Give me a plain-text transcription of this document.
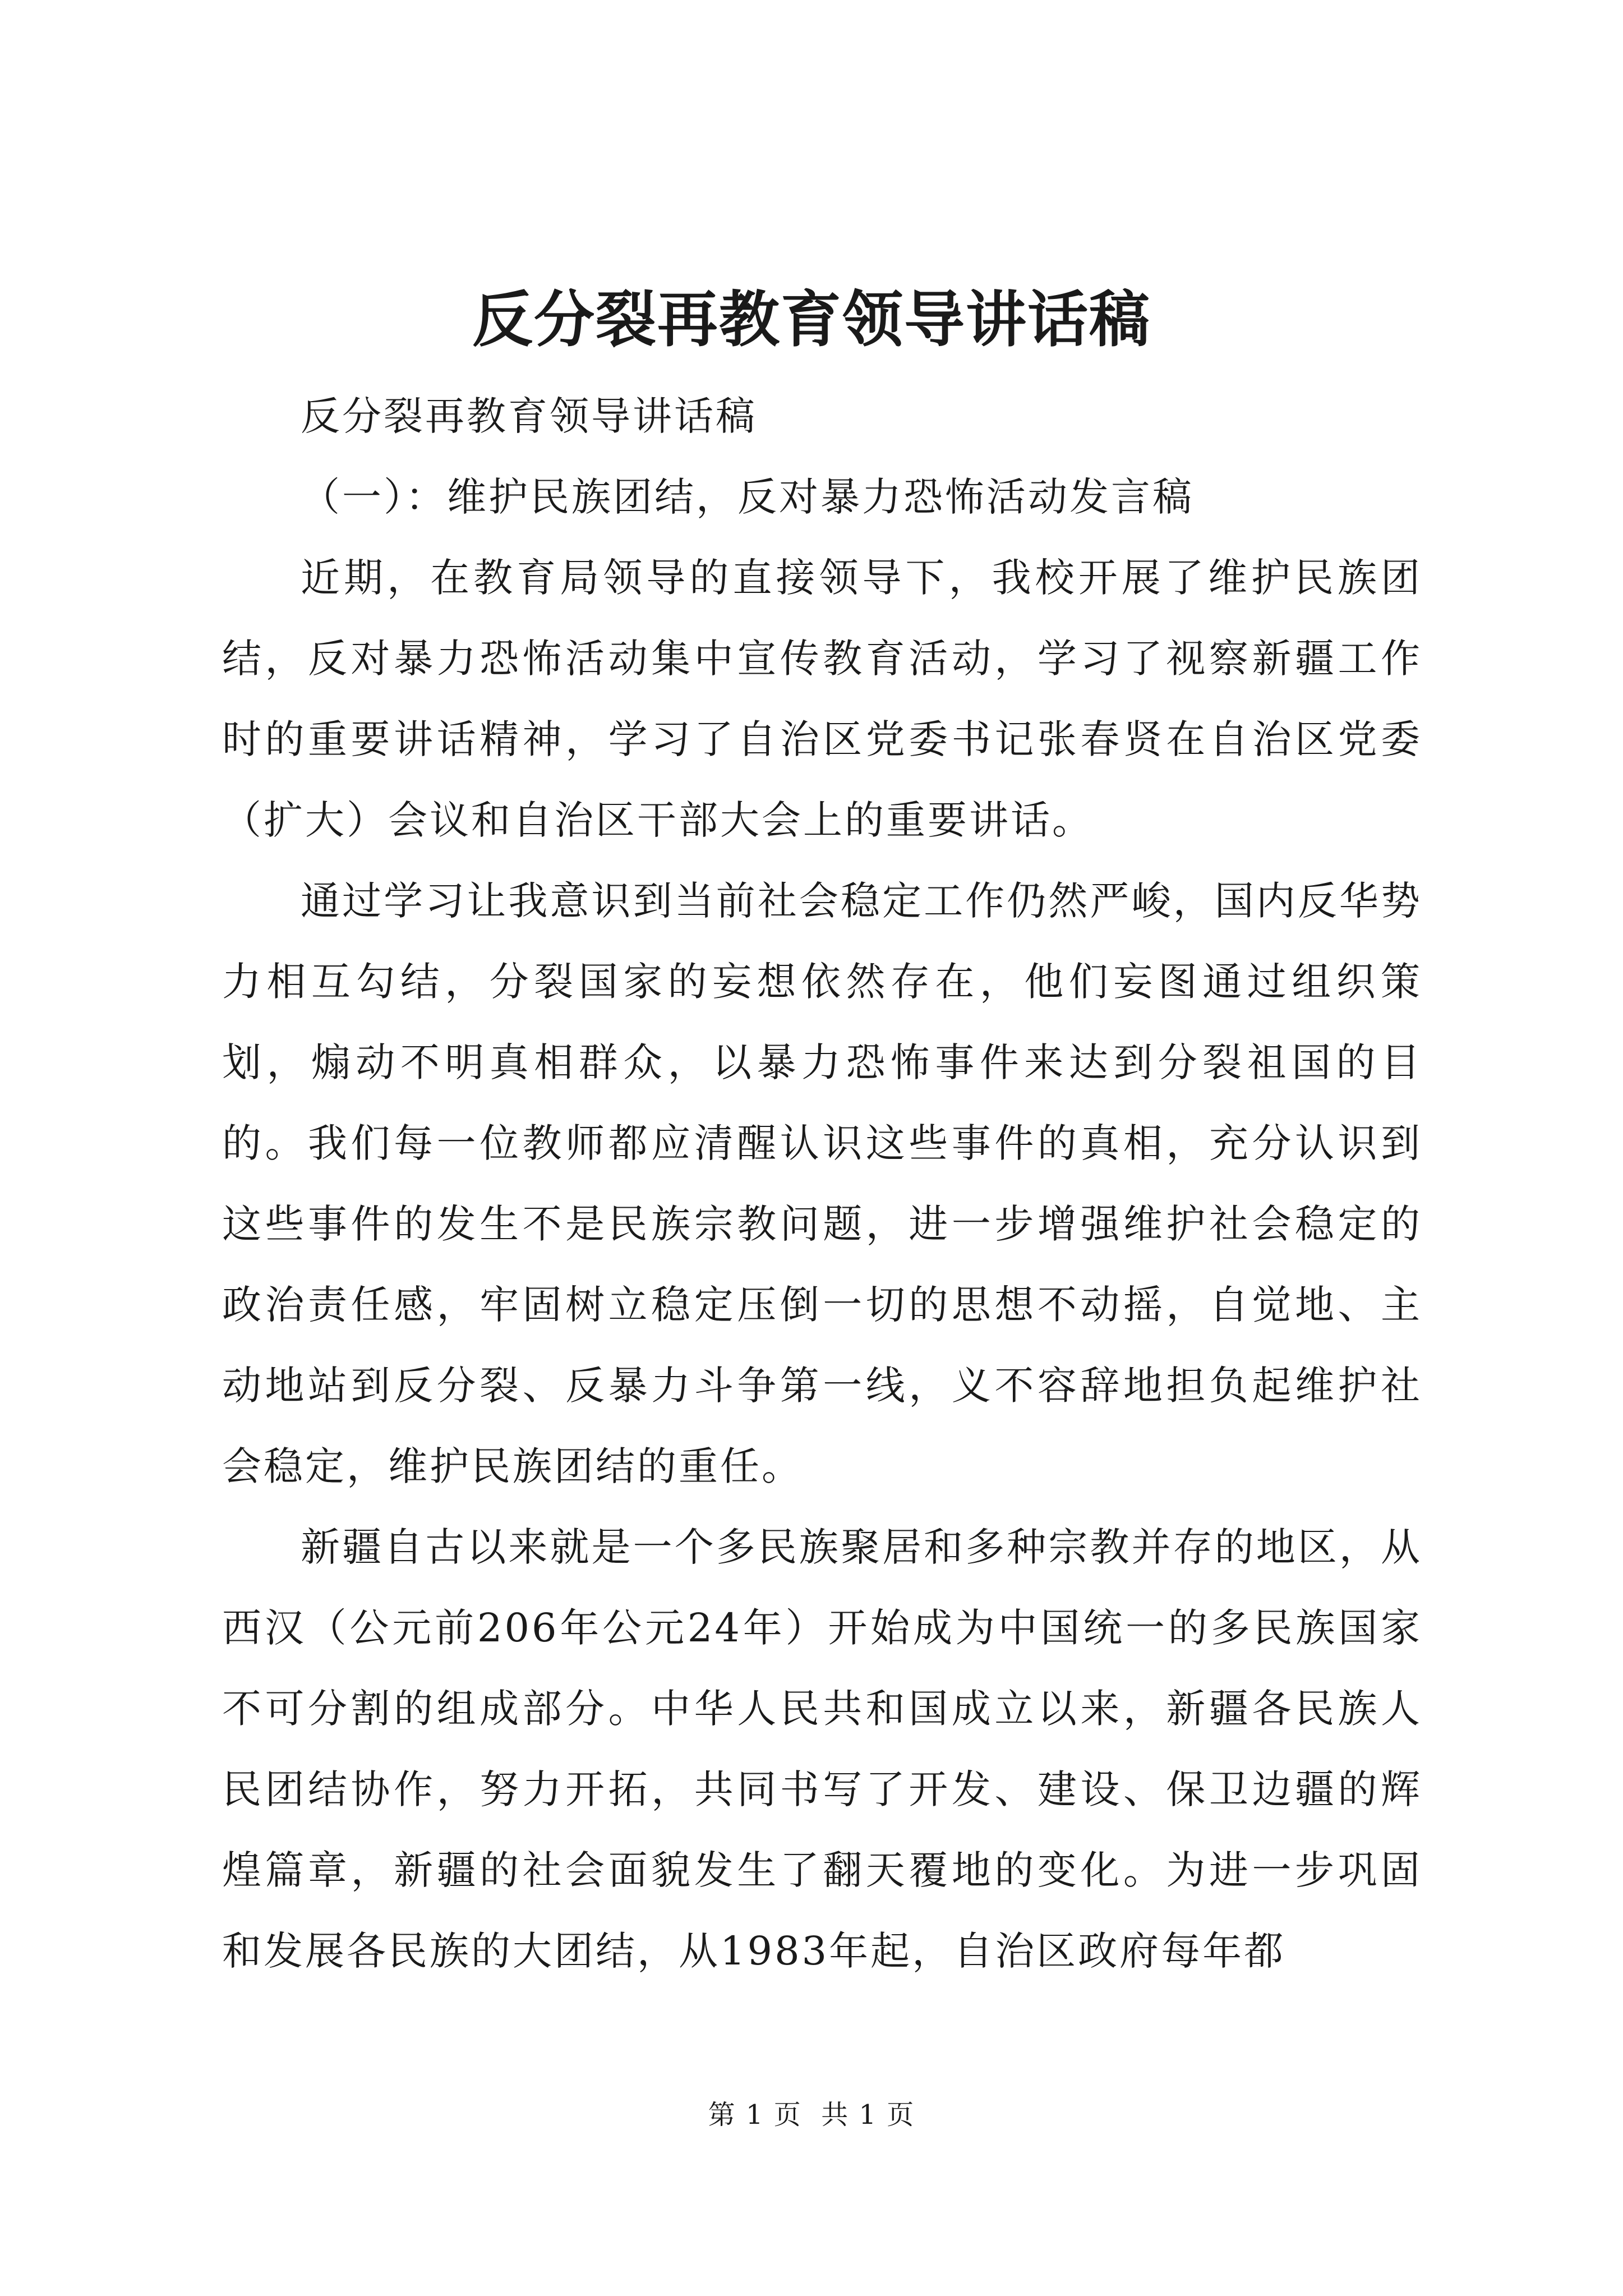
反分裂再教育领导讲话稿

反分裂再教育领导讲话稿

（一）：维护民族团结，反对暴力恐怖活动发言稿

近期，在教育局领导的直接领导下，我校开展了维护民族团结，反对暴力恐怖活动集中宣传教育活动，学习了视察新疆工作时的重要讲话精神，学习了自治区党委书记张春贤在自治区党委（扩大）会议和自治区干部大会上的重要讲话。

通过学习让我意识到当前社会稳定工作仍然严峻，国内反华势力相互勾结，分裂国家的妄想依然存在，他们妄图通过组织策划，煽动不明真相群众，以暴力恐怖事件来达到分裂祖国的目的。我们每一位教师都应清醒认识这些事件的真相，充分认识到这些事件的发生不是民族宗教问题，进一步增强维护社会稳定的政治责任感，牢固树立稳定压倒一切的思想不动摇，自觉地、主动地站到反分裂、反暴力斗争第一线，义不容辞地担负起维护社会稳定，维护民族团结的重任。

新疆自古以来就是一个多民族聚居和多种宗教并存的地区，从西汉（公元前206年公元24年）开始成为中国统一的多民族国家不可分割的组成部分。中华人民共和国成立以来，新疆各民族人民团结协作，努力开拓，共同书写了开发、建设、保卫边疆的辉煌篇章，新疆的社会面貌发生了翻天覆地的变化。为进一步巩固和发展各民族的大团结，从1983年起，自治区政府每年都

第 1 页  共 1 页
